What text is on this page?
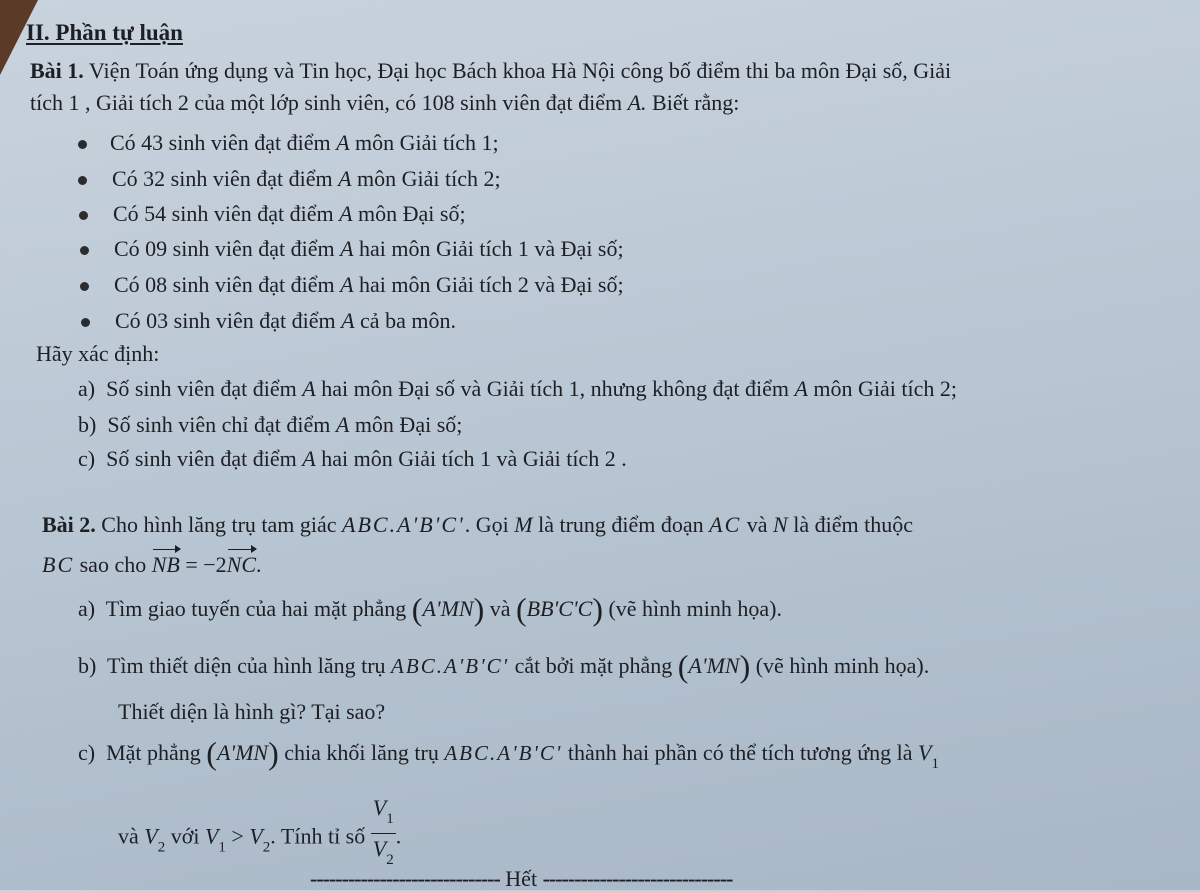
II. Phần tự luận
Bài 1. Viện Toán ứng dụng và Tin học, Đại học Bách khoa Hà Nội công bố điểm thi ba môn Đại số, Giải
tích 1 , Giải tích 2 của một lớp sinh viên, có 108 sinh viên đạt điểm A. Biết rằng:
Có 43 sinh viên đạt điểm A môn Giải tích 1;
Có 32 sinh viên đạt điểm A môn Giải tích 2;
Có 54 sinh viên đạt điểm A môn Đại số;
Có 09 sinh viên đạt điểm A hai môn Giải tích 1 và Đại số;
Có 08 sinh viên đạt điểm A hai môn Giải tích 2 và Đại số;
Có 03 sinh viên đạt điểm A cả ba môn.
Hãy xác định:
a) Số sinh viên đạt điểm A hai môn Đại số và Giải tích 1, nhưng không đạt điểm A môn Giải tích 2;
b) Số sinh viên chỉ đạt điểm A môn Đại số;
c) Số sinh viên đạt điểm A hai môn Giải tích 1 và Giải tích 2 .
Bài 2. Cho hình lăng trụ tam giác ABC.A'B'C'. Gọi M là trung điểm đoạn AC và N là điểm thuộc
BC sao cho NB = −2NC.
a) Tìm giao tuyến của hai mặt phẳng (A'MN) và (BB'C'C) (vẽ hình minh họa).
b) Tìm thiết diện của hình lăng trụ ABC.A'B'C' cắt bởi mặt phẳng (A'MN) (vẽ hình minh họa).
Thiết diện là hình gì? Tại sao?
c) Mặt phẳng (A'MN) chia khối lăng trụ ABC.A'B'C' thành hai phần có thể tích tương ứng là $V_1$
và $V_2$ với $V_1 > V_2$. Tính tỉ số $\frac{V_1}{V_2}$ .
------------------------------ Hết ------------------------------
